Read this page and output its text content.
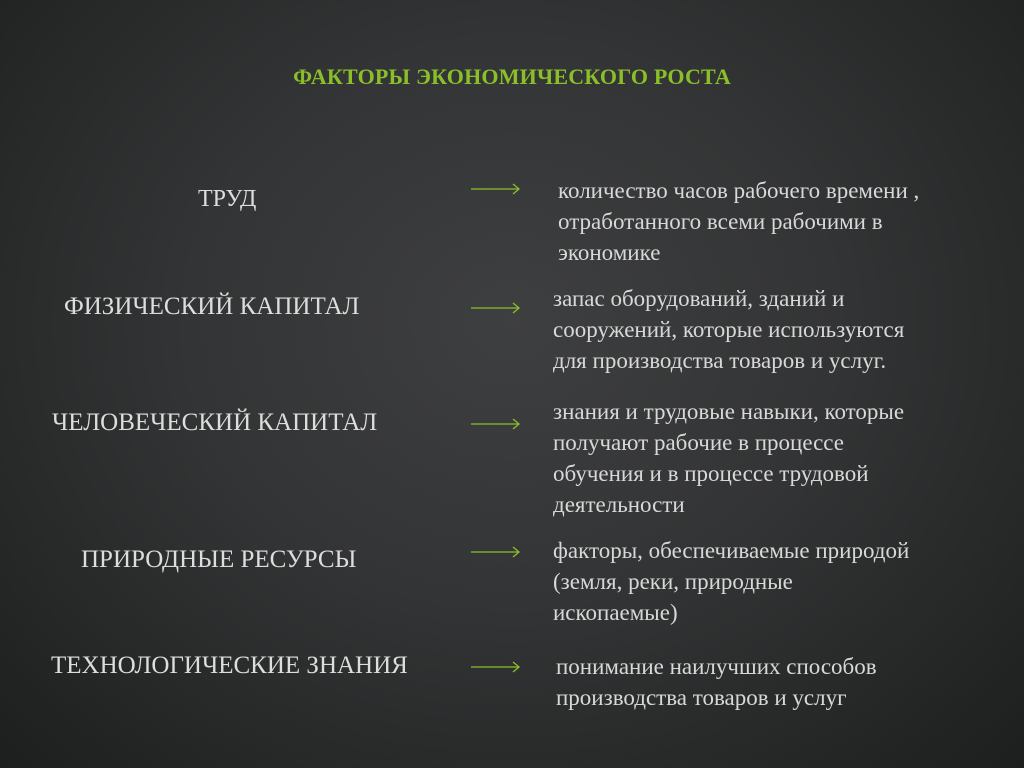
ФАКТОРЫ ЭКОНОМИЧЕСКОГО РОСТА
ТРУД	количество часов рабочего времени ,
отработанного всеми рабочими в
экономике
ФИЗИЧЕСКИЙ КАПИТАЛ	запас оборудований, зданий и
сооружений, которые используются
для производства товаров и услуг.
ЧЕЛОВЕЧЕСКИЙ КАПИТАЛ	знания и трудовые навыки, которые
получают рабочие в процессе
обучения и в процессе трудовой
деятельности
ПРИРОДНЫЕ РЕСУРСЫ	факторы, обеспечиваемые природой
(земля, реки, природные
ископаемые)
ТЕХНОЛОГИЧЕСКИЕ ЗНАНИЯ	понимание наилучших способов
производства товаров и услуг
